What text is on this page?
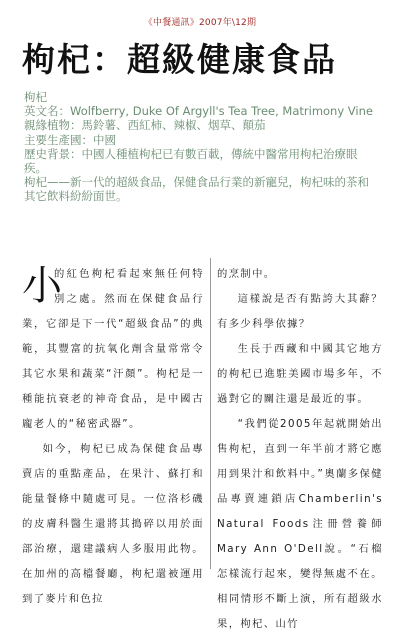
《中餐通訊》2007年\12期
枸杞：超級健康食品

枸杞

英文名：Wolfberry, Duke Of Argyll's Tea Tree, Matrimony Vine

親緣植物：馬鈴薯、西紅柿、辣椒、烟草、顛茄

主要生產國：中國

歷史背景：中國人種植枸杞已有數百載，傳統中醫常用枸杞治療眼疾。

枸杞——新一代的超級食品，保健食品行業的新寵兒，枸杞味的茶和其它飲料紛紛面世。

小
的紅色枸杞看起來無任何特別之處。然而在保健食品行業，它卻是下一代“超級食品”的典範，其豐富的抗氧化劑含量常常令其它水果和蔬菜“汗顏”。枸杞是一種能抗衰老的神奇食品，是中國古龐老人的“秘密武器”。

如今，枸杞已成為保健食品專賣店的重點產品，在果汁、蘇打和能量餐條中隨處可見。一位洛杉磯的皮膚科醫生還將其搗碎以用於面部治療，還建議病人多服用此物。在加州的高檔餐廳，枸杞還被運用到了麥片和色拉

的烹制中。

這樣說是否有點誇大其辭？有多少科學依據？

生長于西藏和中國其它地方的枸杞已進駐美國市場多年，不過對它的關注還是最近的事。

“我們從2005年起就開始出售枸杞，直到一年半前才將它應用到果汁和飲料中。”奧蘭多保健品專賣連鎖店Chamberlin's Natural Foods注冊營養師Mary Ann O'Dell說。“石榴怎樣流行起來，變得無處不在。相同情形不斷上演，所有超級水果，枸杞、山竹
